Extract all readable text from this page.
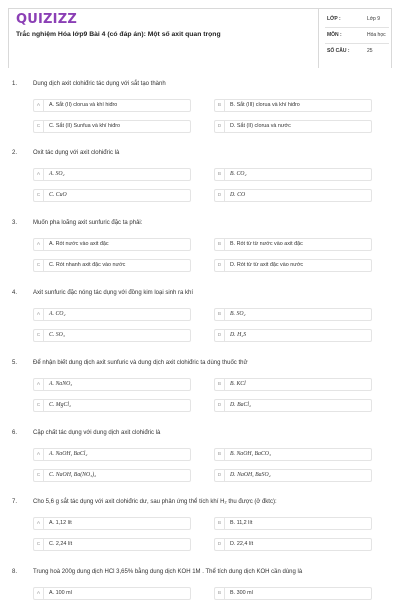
QUIZIZZ
Trắc nghiệm Hóa lớp9 Bài 4 (có đáp án): Một số axit quan trọng
LỚP :	Lớp 9
MÔN :	Hóa học
SỐ CÂU :	25
1.	Dung dịch axit clohiđric tác dụng với sắt tạo thành
A	A. Sắt (II) clorua và khí hiđro	B	B. Sắt (III) clorua và khí hiđro
C	C. Sắt (II) Sunfua và khí hiđro	D	D. Sắt (II) clorua và nước
2.	Oxit tác dụng với axit clohiđric là
A	A. SO₂	B	B. CO₂
C	C. CuO	D	D. CO
3.	Muốn pha loãng axit sunfuric đặc ta phải:
A	A. Rót nước vào axit đặc	B	B. Rót từ từ nước vào axit đặc
C	C. Rót nhanh axit đặc vào nước	D	D. Rót từ từ axit đặc vào nước
4.	Axit sunfuric đặc nóng tác dụng với đồng kim loại sinh ra khí
A	A. CO₂	B	B. SO₂
C	C. SO₃	D	D. H₂S
5.	Để nhận biết dung dịch axit sunfuric và dung dịch axit clohiđric ta dùng thuốc thử
A	A. NaNO₃	B	B. KCl
C	C. MgCl₂	D	D. BaCl₂
6.	Cặp chất tác dụng với dung dịch axit clohiđric là
A	A. NaOH, BaCl₂	B	B. NaOH, BaCO₃
C	C. NaOH, Ba(NO₃)₂	D	D. NaOH, BaSO₄
7.	Cho 5,6 g sắt tác dụng với axit clohiđric dư, sau phản ứng thể tích khí H₂ thu được (ở đktc):
A	A. 1,12 lít	B	B. 11,2 lít
C	C. 2,24 lít	D	D. 22,4 lít
8.	Trung hoà 200g dung dịch HCl 3,65% bằng dung dịch KOH 1M . Thể tích dung dịch KOH cần dùng là
A	A. 100 ml	B	B. 300 ml
